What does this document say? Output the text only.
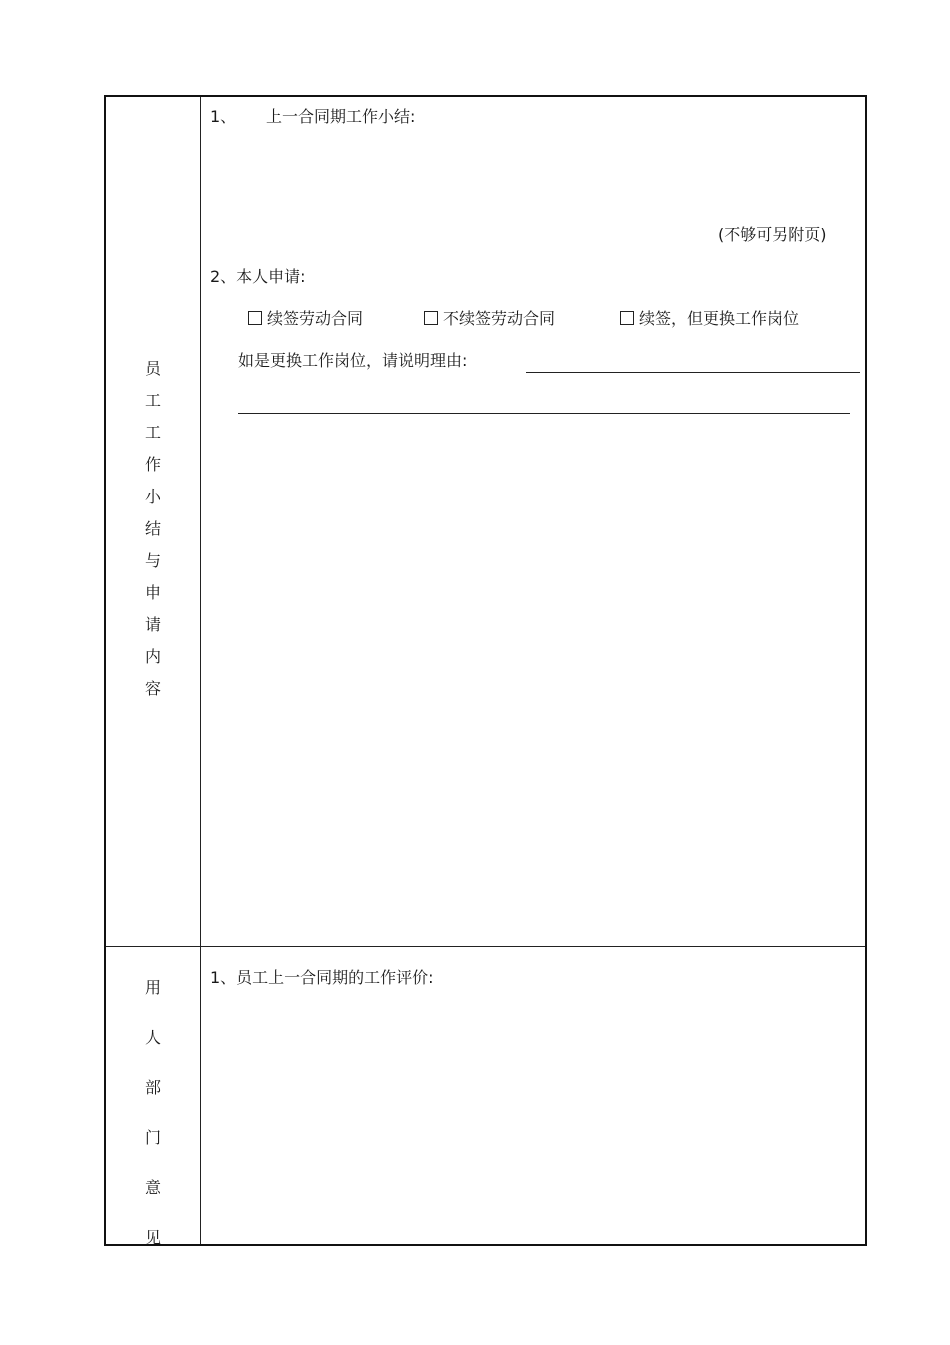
员
工
工
作
小
结
与
申
请
内
容
1、 上一合同期工作小结:
(不够可另附页)
2、本人申请:
续签劳动合同	不续签劳动合同	续签，但更换工作岗位
如是更换工作岗位，请说明理由:
用
人
部
门
意
见
1、员工上一合同期的工作评价:
